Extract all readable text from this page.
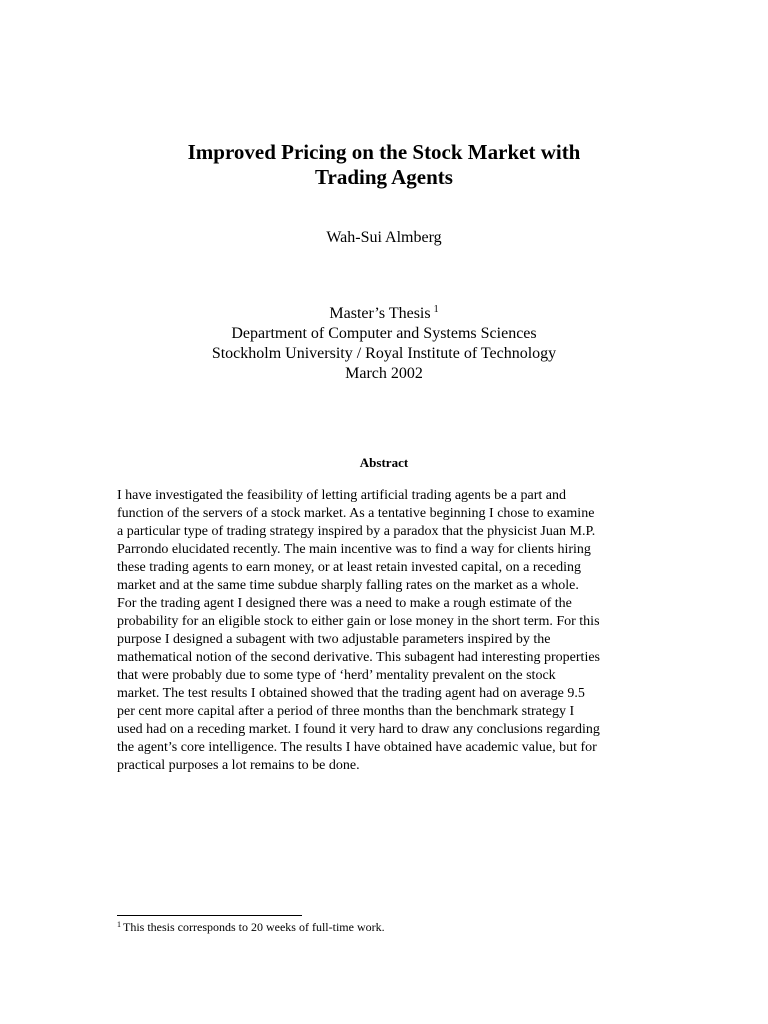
Improved Pricing on the Stock Market with
Trading Agents
Wah-Sui Almberg
Master’s Thesis $^1$
Department of Computer and Systems Sciences
Stockholm University / Royal Institute of Technology
March 2002
Abstract
I have investigated the feasibility of letting artificial trading agents be a part and
function of the servers of a stock market. As a tentative beginning I chose to examine
a particular type of trading strategy inspired by a paradox that the physicist Juan M.P.
Parrondo elucidated recently. The main incentive was to find a way for clients hiring
these trading agents to earn money, or at least retain invested capital, on a receding
market and at the same time subdue sharply falling rates on the market as a whole.
For the trading agent I designed there was a need to make a rough estimate of the
probability for an eligible stock to either gain or lose money in the short term. For this
purpose I designed a subagent with two adjustable parameters inspired by the
mathematical notion of the second derivative. This subagent had interesting properties
that were probably due to some type of ‘herd’ mentality prevalent on the stock
market. The test results I obtained showed that the trading agent had on average 9.5
per cent more capital after a period of three months than the benchmark strategy I
used had on a receding market. I found it very hard to draw any conclusions regarding
the agent’s core intelligence. The results I have obtained have academic value, but for
practical purposes a lot remains to be done.
$^1$ This thesis corresponds to 20 weeks of full-time work.
